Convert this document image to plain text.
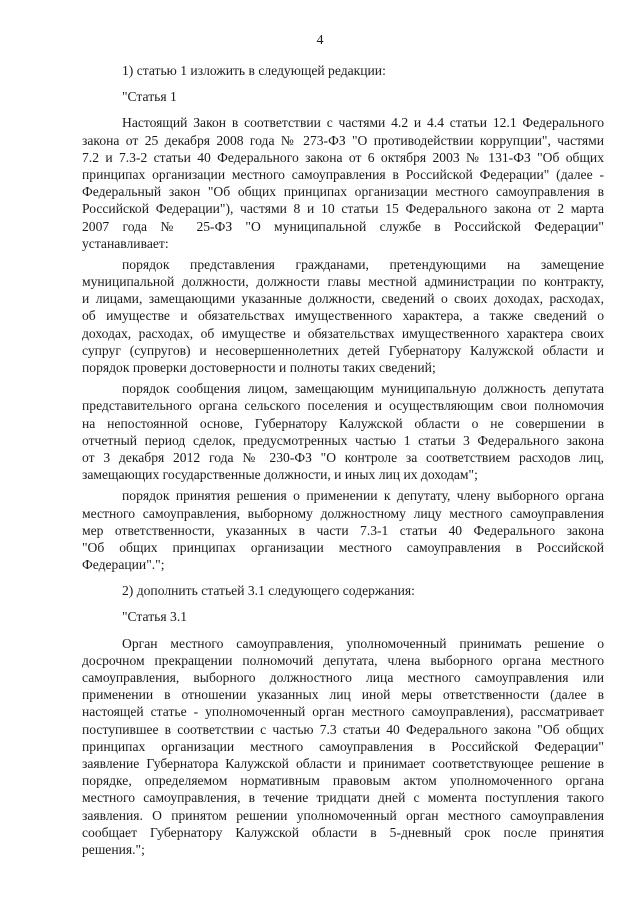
4
1) статью 1 изложить в следующей редакции:
"Статья 1
Настоящий Закон в соответствии с частями 4.2 и 4.4 статьи 12.1 Федерального
закона от 25 декабря 2008 года № 273-ФЗ "О противодействии коррупции", частями
7.2 и 7.3-2 статьи 40 Федерального закона от 6 октября 2003 № 131-ФЗ "Об общих
принципах организации местного самоуправления в Российской Федерации" (далее -
Федеральный закон "Об общих принципах организации местного самоуправления в
Российской Федерации"), частями 8 и 10 статьи 15 Федерального закона от 2 марта
2007 года № 25-ФЗ "О муниципальной службе в Российской Федерации"
устанавливает:
порядок представления гражданами, претендующими на замещение
муниципальной должности, должности главы местной администрации по контракту,
и лицами, замещающими указанные должности, сведений о своих доходах, расходах,
об имуществе и обязательствах имущественного характера, а также сведений о
доходах, расходах, об имуществе и обязательствах имущественного характера своих
супруг (супругов) и несовершеннолетних детей Губернатору Калужской области и
порядок проверки достоверности и полноты таких сведений;
порядок сообщения лицом, замещающим муниципальную должность депутата
представительного органа сельского поселения и осуществляющим свои полномочия
на непостоянной основе, Губернатору Калужской области о не совершении в
отчетный период сделок, предусмотренных частью 1 статьи 3 Федерального закона
от 3 декабря 2012 года № 230-ФЗ "О контроле за соответствием расходов лиц,
замещающих государственные должности, и иных лиц их доходам";
порядок принятия решения о применении к депутату, члену выборного органа
местного самоуправления, выборному должностному лицу местного самоуправления
мер ответственности, указанных в части 7.3-1 статьи 40 Федерального закона
"Об общих принципах организации местного самоуправления в Российской
Федерации".";
2) дополнить статьей 3.1 следующего содержания:
"Статья 3.1
Орган местного самоуправления, уполномоченный принимать решение о
досрочном прекращении полномочий депутата, члена выборного органа местного
самоуправления, выборного должностного лица местного самоуправления или
применении в отношении указанных лиц иной меры ответственности (далее в
настоящей статье - уполномоченный орган местного самоуправления), рассматривает
поступившее в соответствии с частью 7.3 статьи 40 Федерального закона "Об общих
принципах организации местного самоуправления в Российской Федерации"
заявление Губернатора Калужской области и принимает соответствующее решение в
порядке, определяемом нормативным правовым актом уполномоченного органа
местного самоуправления, в течение тридцати дней с момента поступления такого
заявления. О принятом решении уполномоченный орган местного самоуправления
сообщает Губернатору Калужской области в 5-дневный срок после принятия
решения.";
